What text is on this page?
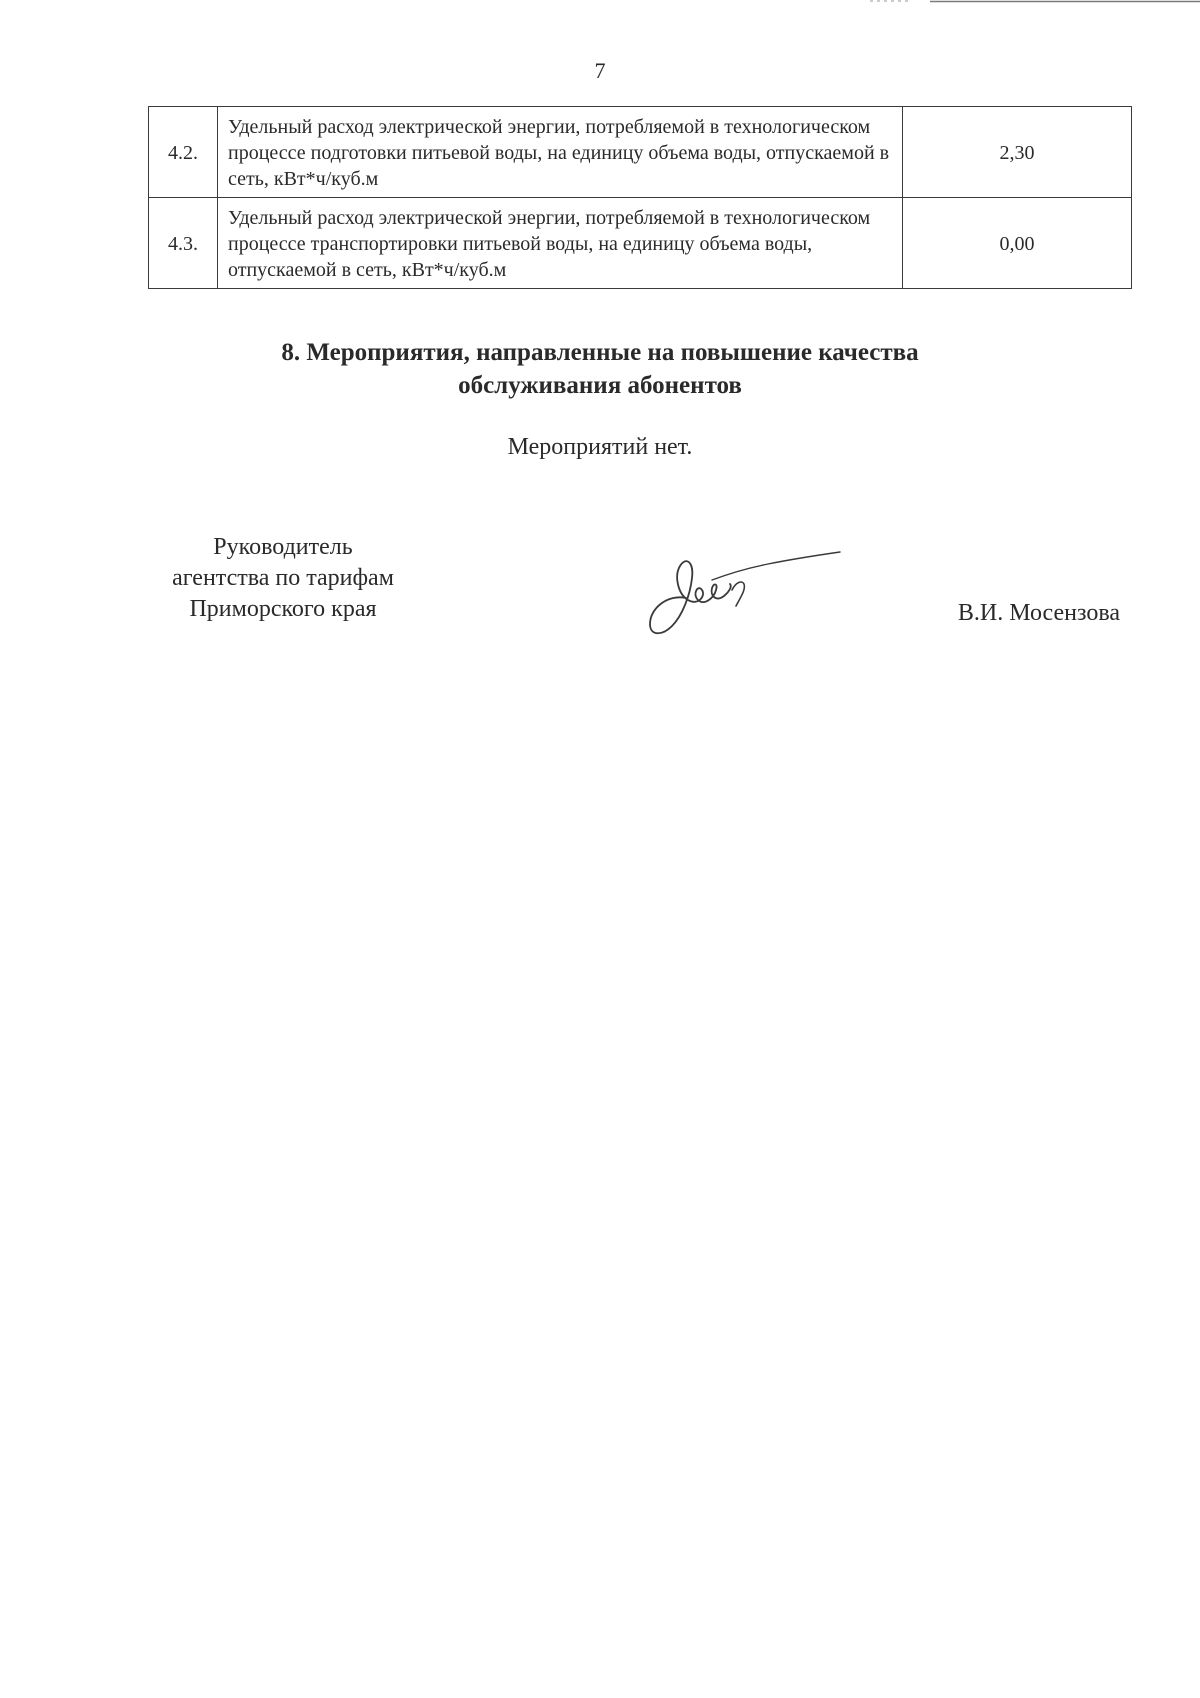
7
4.2.	Удельный расход электрической энергии, потребляемой в технологическом процессе подготовки питьевой воды, на единицу объема воды, отпускаемой в сеть, кВт*ч/куб.м	2,30
4.3.	Удельный расход электрической энергии, потребляемой в технологическом процессе транспортировки питьевой воды, на единицу объема воды, отпускаемой в сеть, кВт*ч/куб.м	0,00
8. Мероприятия, направленные на повышение качества
обслуживания абонентов
Мероприятий нет.
Руководитель
агентства по тарифам
Приморского края	В.И. Мосензова
